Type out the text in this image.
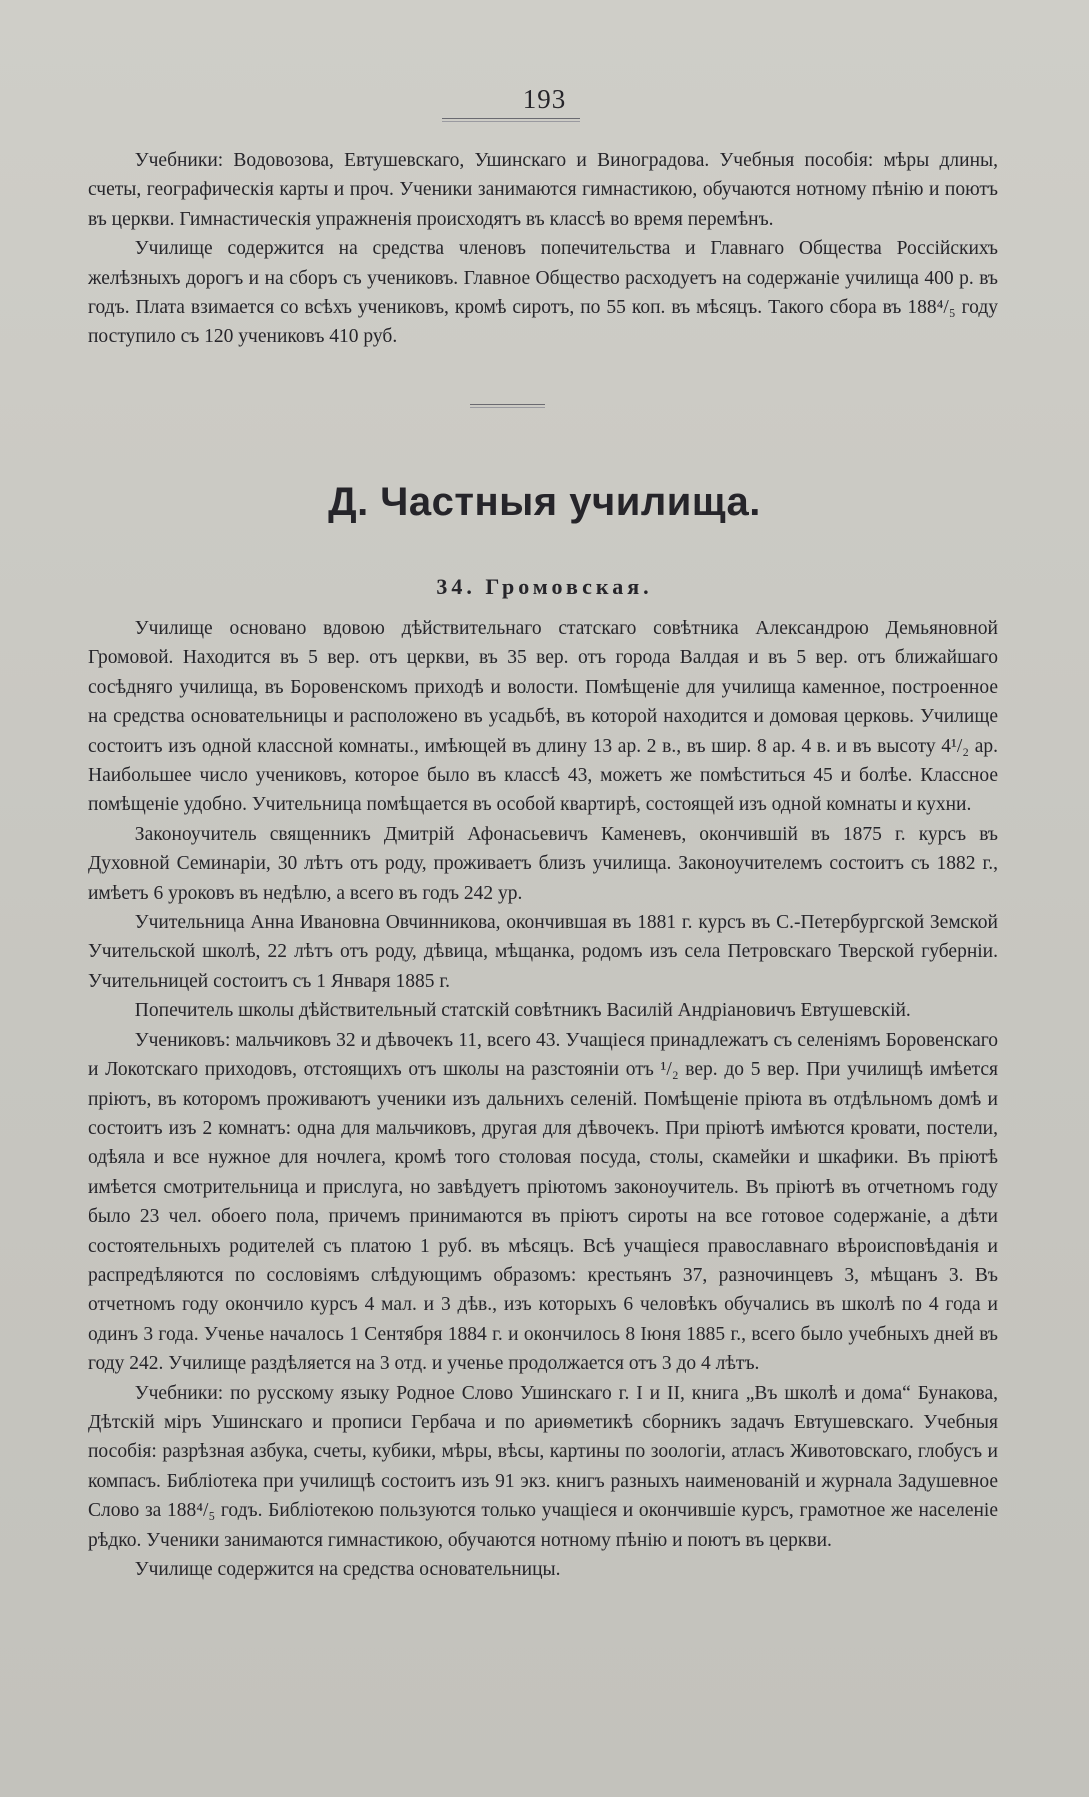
193

Учебники: Водовозова, Евтушевскаго, Ушинскаго и Виноградова. Учебныя пособія: мѣры длины, счеты, географическія карты и проч. Ученики занимаются гимнастикою, обучаются нотному пѣнію и поютъ въ церкви. Гимнастическія упражненія происходятъ въ классѣ во время перемѣнъ.

Училище содержится на средства членовъ попечительства и Главнаго Общества Россійскихъ желѣзныхъ дорогъ и на сборъ съ учениковъ. Главное Общество расходуетъ на содержаніе училища 400 р. въ годъ. Плата взимается со всѣхъ учениковъ, кромѣ сиротъ, по 55 коп. въ мѣсяцъ. Такого сбора въ 188⁴/₅ году поступило съ 120 учениковъ 410 руб.

Д. Частныя училища.
34. Громовская.

Училище основано вдовою дѣйствительнаго статскаго совѣтника Александрою Демьяновной Громовой. Находится въ 5 вер. отъ церкви, въ 35 вер. отъ города Валдая и въ 5 вер. отъ ближайшаго сосѣдняго училища, въ Боровенскомъ приходѣ и волости. Помѣщеніе для училища каменное, построенное на средства основательницы и расположено въ усадьбѣ, въ которой находится и домовая церковь. Училище состоитъ изъ одной классной комнаты., имѣющей въ длину 13 ар. 2 в., въ шир. 8 ар. 4 в. и въ высоту 4¹/₂ ар. Наибольшее число учениковъ, которое было въ классѣ 43, можетъ же помѣститься 45 и болѣе. Классное помѣщеніе удобно. Учительница помѣщается въ особой квартирѣ, состоящей изъ одной комнаты и кухни.

Законоучитель священникъ Дмитрій Афонасьевичъ Каменевъ, окончившій въ 1875 г. курсъ въ Духовной Семинаріи, 30 лѣтъ отъ роду, проживаетъ близъ училища. Законоучителемъ состоитъ съ 1882 г., имѣетъ 6 уроковъ въ недѣлю, а всего въ годъ 242 ур.

Учительница Анна Ивановна Овчинникова, окончившая въ 1881 г. курсъ въ С.-Петербургской Земской Учительской школѣ, 22 лѣтъ отъ роду, дѣвица, мѣщанка, родомъ изъ села Петровскаго Тверской губерніи. Учительницей состоитъ съ 1 Января 1885 г.

Попечитель школы дѣйствительный статскій совѣтникъ Василій Андріановичъ Евтушевскій.

Учениковъ: мальчиковъ 32 и дѣвочекъ 11, всего 43. Учащіеся принадлежатъ съ селеніямъ Боровенскаго и Локотскаго приходовъ, отстоящихъ отъ школы на разстояніи отъ ¹/₂ вер. до 5 вер. При училищѣ имѣется пріютъ, въ которомъ проживаютъ ученики изъ дальнихъ селеній. Помѣщеніе пріюта въ отдѣльномъ домѣ и состоитъ изъ 2 комнатъ: одна для мальчиковъ, другая для дѣвочекъ. При пріютѣ имѣются кровати, постели, одѣяла и все нужное для ночлега, кромѣ того столовая посуда, столы, скамейки и шкафики. Въ пріютѣ имѣется смотрительница и прислуга, но завѣдуетъ пріютомъ законоучитель. Въ пріютѣ въ отчетномъ году было 23 чел. обоего пола, причемъ принимаются въ пріютъ сироты на все готовое содержаніе, а дѣти состоятельныхъ родителей съ платою 1 руб. въ мѣсяцъ. Всѣ учащіеся православнаго вѣроисповѣданія и распредѣляются по сословіямъ слѣдующимъ образомъ: крестьянъ 37, разночинцевъ 3, мѣщанъ 3. Въ отчетномъ году окончило курсъ 4 мал. и 3 дѣв., изъ которыхъ 6 человѣкъ обучались въ школѣ по 4 года и одинъ 3 года. Ученье началось 1 Сентября 1884 г. и окончилось 8 Іюня 1885 г., всего было учебныхъ дней въ году 242. Училище раздѣляется на 3 отд. и ученье продолжается отъ 3 до 4 лѣтъ.

Учебники: по русскому языку Родное Слово Ушинскаго г. I и II, книга „Въ школѣ и дома“ Бунакова, Дѣтскій міръ Ушинскаго и прописи Гербача и по ариѳметикѣ сборникъ задачъ Евтушевскаго. Учебныя пособія: разрѣзная азбука, счеты, кубики, мѣры, вѣсы, картины по зоологіи, атласъ Животовскаго, глобусъ и компасъ. Библіотека при училищѣ состоитъ изъ 91 экз. книгъ разныхъ наименованій и журнала Задушевное Слово за 188⁴/₅ годъ. Библіотекою пользуются только учащіеся и окончившіе курсъ, грамотное же населеніе рѣдко. Ученики занимаются гимнастикою, обучаются нотному пѣнію и поютъ въ церкви.

Училище содержится на средства основательницы.
